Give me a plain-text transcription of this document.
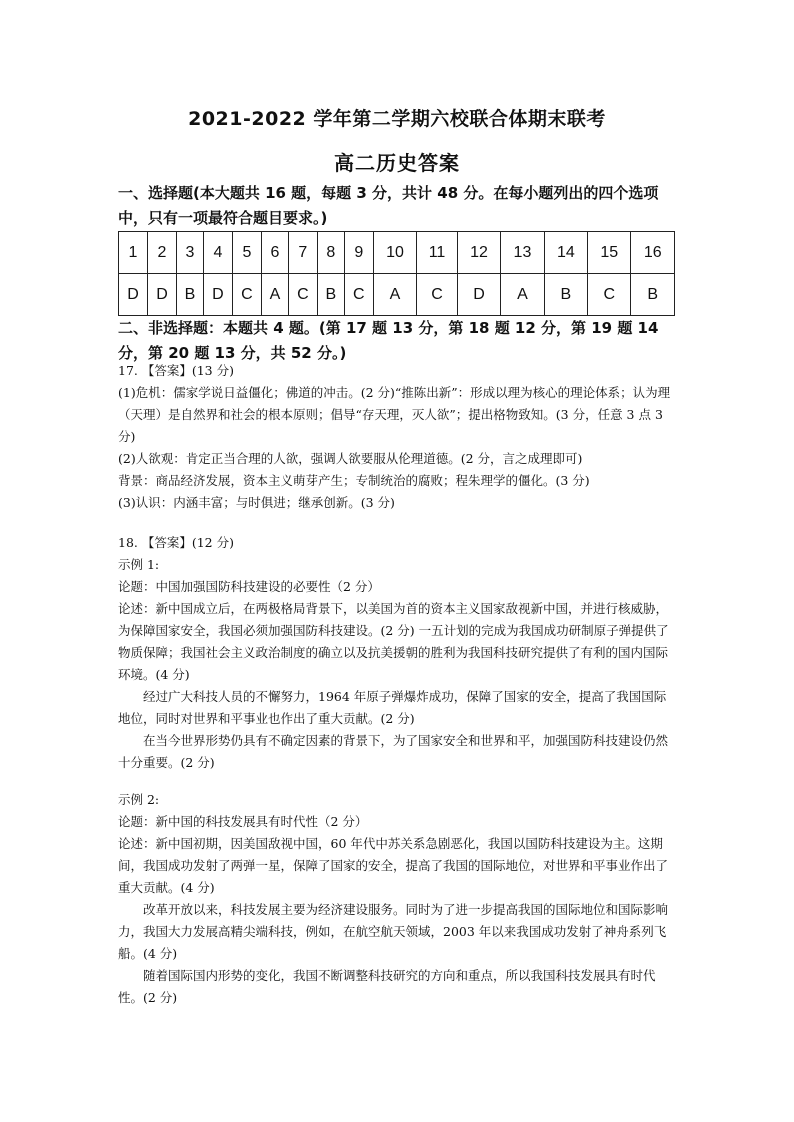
2021-2022 学年第二学期六校联合体期末联考
高二历史答案
一、选择题(本大题共 16 题，每题 3 分，共计 48 分。在每小题列出的四个选项中，只有一项最符合题目要求。)
1	2	3	4	5	6	7	8	9	10	11	12	13	14	15	16
D	D	B	D	C	A	C	B	C	A	C	D	A	B	C	B
二、非选择题：本题共 4 题。(第 17 题 13 分，第 18 题 12 分，第 19 题 14 分，第 20 题 13 分，共 52 分。)

17. 【答案】(13 分)

(1)危机：儒家学说日益僵化；佛道的冲击。(2 分)“推陈出新”：形成以理为核心的理论体系；认为理（天理）是自然界和社会的根本原则；倡导“存天理，灭人欲”；提出格物致知。(3 分，任意 3 点 3 分)

(2)人欲观：肯定正当合理的人欲，强调人欲要服从伦理道德。(2 分，言之成理即可)

背景：商品经济发展，资本主义萌芽产生；专制统治的腐败；程朱理学的僵化。(3 分)

(3)认识：内涵丰富；与时俱进；继承创新。(3 分)

18. 【答案】(12 分)

示例 1:

论题：中国加强国防科技建设的必要性（2 分）

论述：新中国成立后，在两极格局背景下，以美国为首的资本主义国家敌视新中国，并进行核威胁，为保障国家安全，我国必须加强国防科技建设。(2 分) 一五计划的完成为我国成功研制原子弹提供了物质保障；我国社会主义政治制度的确立以及抗美援朝的胜利为我国科技研究提供了有利的国内国际环境。(4 分)

经过广大科技人员的不懈努力，1964 年原子弹爆炸成功，保障了国家的安全，提高了我国国际地位，同时对世界和平事业也作出了重大贡献。(2 分)

在当今世界形势仍具有不确定因素的背景下，为了国家安全和世界和平，加强国防科技建设仍然十分重要。(2 分)

示例 2:

论题：新中国的科技发展具有时代性（2 分）

论述：新中国初期，因美国敌视中国，60 年代中苏关系急剧恶化，我国以国防科技建设为主。这期间，我国成功发射了两弹一星，保障了国家的安全，提高了我国的国际地位，对世界和平事业作出了重大贡献。(4 分)

改革开放以来，科技发展主要为经济建设服务。同时为了进一步提高我国的国际地位和国际影响力，我国大力发展高精尖端科技，例如，在航空航天领域，2003 年以来我国成功发射了神舟系列飞船。(4 分)

随着国际国内形势的变化，我国不断调整科技研究的方向和重点，所以我国科技发展具有时代性。(2 分)
